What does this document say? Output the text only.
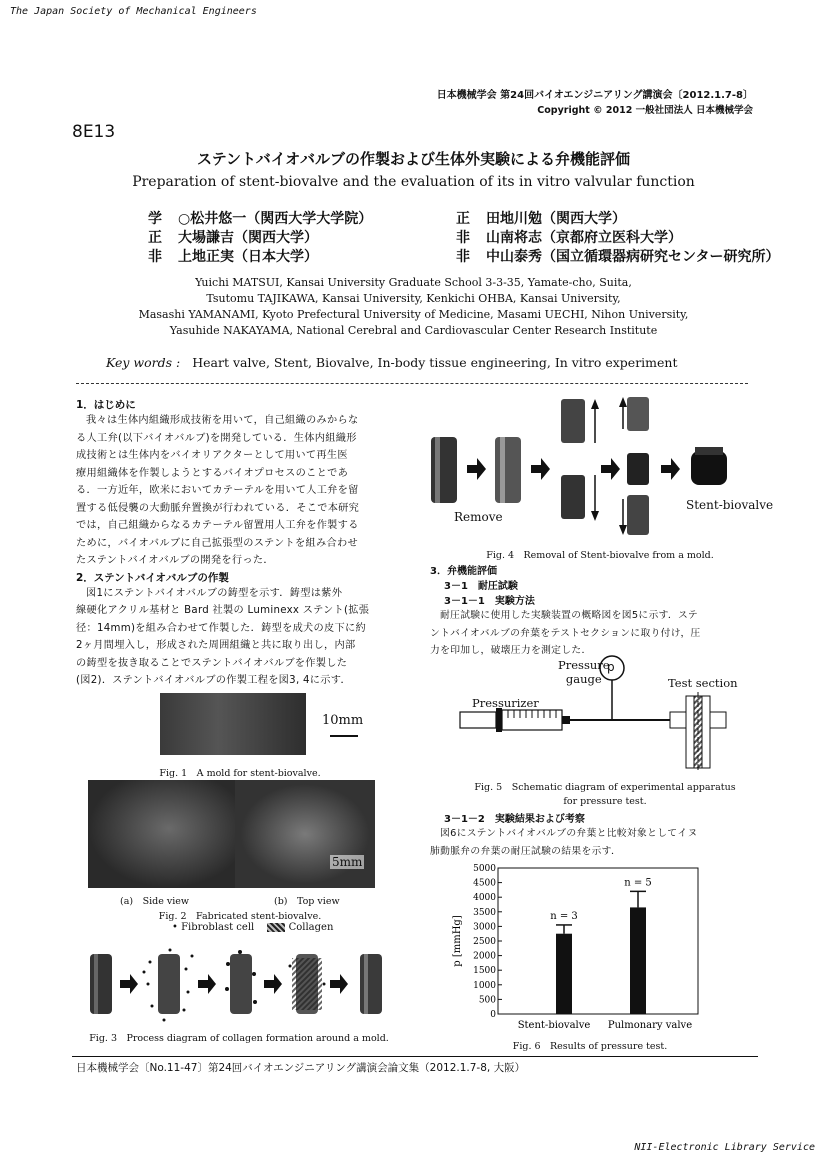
The Japan Society of Mechanical Engineers
日本機械学会 第24回バイオエンジニアリング講演会〔2012.1.7-8〕
Copyright © 2012 一般社団法人 日本機械学会
8E13
ステントバイオバルブの作製および生体外実験による弁機能評価
Preparation of stent-biovalve and the evaluation of its in vitro valvular function
学 ○松井悠一（関西大学大学院）	正 田地川勉（関西大学）
正 大場謙吉（関西大学）	非 山南将志（京都府立医科大学）
非 上地正実（日本大学）	非 中山泰秀（国立循環器病研究センター研究所）
Yuichi MATSUI, Kansai University Graduate School 3-3-35, Yamate-cho, Suita,
Tsutomu TAJIKAWA, Kansai University, Kenkichi OHBA, Kansai University,
Masashi YAMANAMI, Kyoto Prefectural University of Medicine, Masami UECHI, Nihon University,
Yasuhide NAKAYAMA, National Cerebral and Cardiovascular Center Research Institute
Key words : Heart valve, Stent, Biovalve, In-body tissue engineering, In vitro experiment
1．はじめに
我々は生体内組織形成技術を用いて，自己組織のみからな
る人工弁(以下バイオバルブ)を開発している．生体内組織形
成技術とは生体内をバイオリアクターとして用いて再生医
療用組織体を作製しようとするバイオプロセスのことであ
る．一方近年，欧米においてカテーテルを用いて人工弁を留
置する低侵襲の大動脈弁置換が行われている．そこで本研究
では，自己組織からなるカテーテル留置用人工弁を作製する
ために，バイオバルブに自己拡張型のステントを組み合わせ
たステントバイオバルブの開発を行った．
2．ステントバイオバルブの作製
図1にステントバイオバルブの鋳型を示す．鋳型は紫外
線硬化アクリル基材と Bard 社製の Luminexx ステント(拡張
径：14mm)を組み合わせて作製した．鋳型を成犬の皮下に約
2ヶ月間埋入し，形成された周囲組織と共に取り出し，内部
の鋳型を抜き取ることでステントバイオバルブを作製した
(図2)．ステントバイオバルブの作製工程を図3, 4に示す．
10mm
Fig. 1　A mold for stent-biovalve.
5mm
(a)　Side view	(b)　Top view
Fig. 2　Fabricated stent-biovalve.
• Fibroblast cell	Collagen
Fig. 3　Process diagram of collagen formation around a mold.
Remove
Stent-biovalve
Fig. 4　Removal of Stent-biovalve from a mold.
3．弁機能評価
3－1　耐圧試験
3－1－1　実験方法
耐圧試験に使用した実験装置の概略図を図5に示す．ステ
ントバイオバルブの弁葉をテストセクションに取り付け，圧
力を印加し，破壊圧力を測定した．
Pressure
gauge
p
Test section
Pressurizer
Fig. 5　Schematic diagram of experimental apparatus
for pressure test.
3－1－2　実験結果および考察
図6にステントバイオバルブの弁葉と比較対象としてイヌ
肺動脈弁の弁葉の耐圧試験の結果を示す．
0
500
1000
1500
2000
2500
3000
3500
4000
4500
5000
p [mmHg]	n = 3
Stent-biovalve
n = 5
Pulmonary valve
Fig. 6　Results of pressure test.
日本機械学会〔No.11-47〕第24回バイオエンジニアリング講演会論文集（2012.1.7-8, 大阪）
NII-Electronic Library Service
